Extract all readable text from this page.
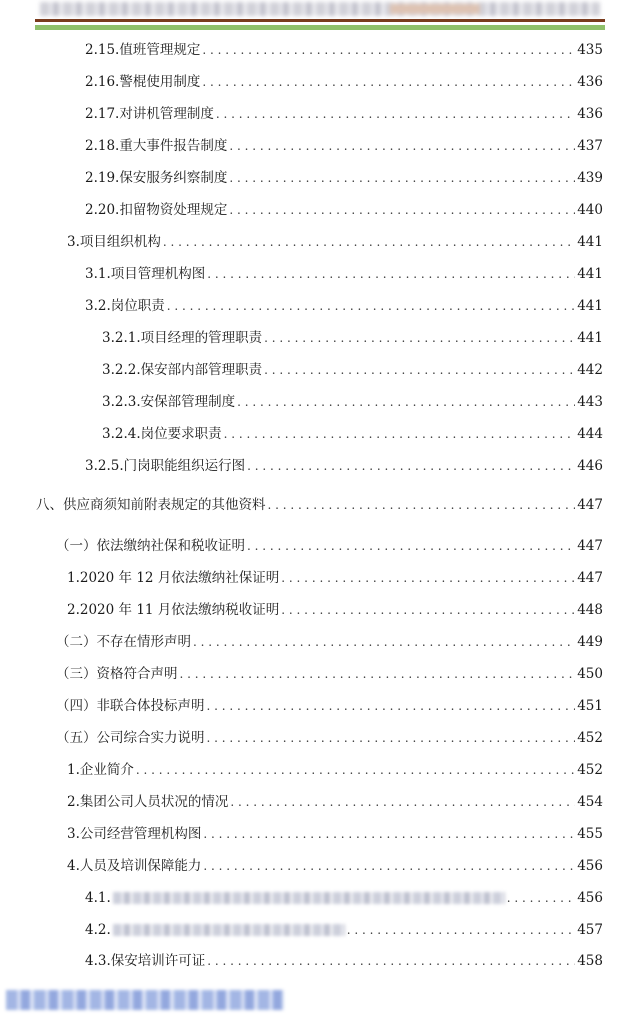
2.15.值班管理规定 . . .	435
2.16.警棍使用制度 . . .	436
2.17.对讲机管理制度 . . .	436
2.18.重大事件报告制度 . . .	437
2.19.保安服务纠察制度 . . .	439
2.20.扣留物资处理规定 . . .	440
3.项目组织机构 . . .	441
3.1.项目管理机构图 . . .	441
3.2.岗位职责 . . .	441
3.2.1.项目经理的管理职责 . . .	441
3.2.2.保安部内部管理职责 . . .	442
3.2.3.安保部管理制度 . . .	443
3.2.4.岗位要求职责 . . .	444
3.2.5.门岗职能组织运行图 . . .	446
八、供应商须知前附表规定的其他资料 . . .	447
（一）依法缴纳社保和税收证明 . . .	447
1.2020 年 12 月依法缴纳社保证明 . . .	447
2.2020 年 11 月依法缴纳税收证明 . . .	448
（二）不存在情形声明 . . .	449
（三）资格符合声明 . . .	450
（四）非联合体投标声明 . . .	451
（五）公司综合实力说明 . . .	452
1.企业简介 . . .	452
2.集团公司人员状况的情况 . . .	454
3.公司经营管理机构图 . . .	455
4.人员及培训保障能力 . . .	456
4.1. . . .	456
4.2. . . .	457
4.3.保安培训许可证 . . .	458
